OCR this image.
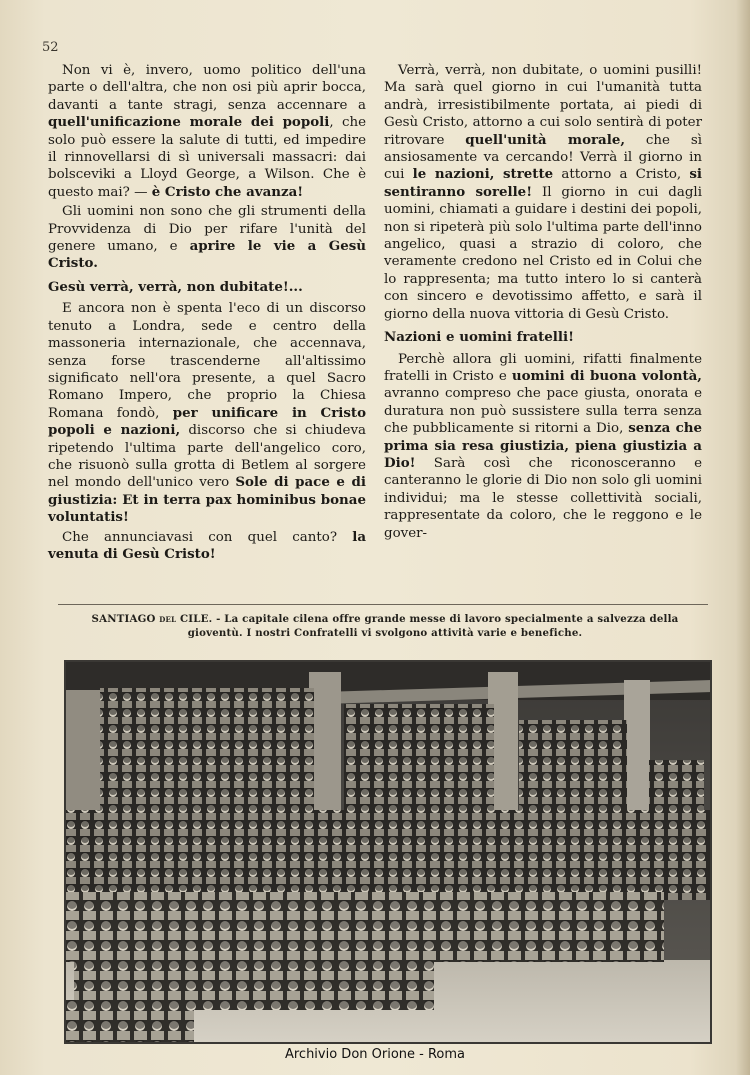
52

Non vi è, invero, uomo politico dell'una parte o dell'altra, che non osi più aprir bocca, davanti a tante stragi, senza accennare a quell'unificazione morale dei popoli, che solo può essere la salute di tutti, ed impedire il rinnovellarsi di sì universali massacri: dai bolsceviki a Lloyd George, a Wilson. Che è questo mai? — è Cristo che avanza!

Gli uomini non sono che gli strumenti della Provvidenza di Dio per rifare l'unità del genere umano, e aprire le vie a Gesù Cristo.

Gesù verrà, verrà, non dubitate!...

E ancora non è spenta l'eco di un discorso tenuto a Londra, sede e centro della massoneria internazionale, che accennava, senza forse trascenderne all'altissimo significato nell'ora presente, a quel Sacro Romano Impero, che proprio la Chiesa Romana fondò, per unificare in Cristo popoli e nazioni, discorso che si chiudeva ripetendo l'ultima parte dell'angelico coro, che risuonò sulla grotta di Betlem al sorgere nel mondo dell'unico vero Sole di pace e di giustizia: Et in terra pax hominibus bonae voluntatis!

Che annunciavasi con quel canto? la venuta di Gesù Cristo!

Verrà, verrà, non dubitate, o uomini pusilli! Ma sarà quel giorno in cui l'umanità tutta andrà, irresistibilmente portata, ai piedi di Gesù Cristo, attorno a cui solo sentirà di poter ritrovare quell'unità morale, che sì ansiosamente va cercando! Verrà il giorno in cui le nazioni, strette attorno a Cristo, si sentiranno sorelle! Il giorno in cui dagli uomini, chiamati a guidare i destini dei popoli, non si ripeterà più solo l'ultima parte dell'inno angelico, quasi a strazio di coloro, che veramente credono nel Cristo ed in Colui che lo rappresenta; ma tutto intero lo si canterà con sincero e devotissimo affetto, e sarà il giorno della nuova vittoria di Gesù Cristo.

Nazioni e uomini fratelli!

Perchè allora gli uomini, rifatti finalmente fratelli in Cristo e uomini di buona volontà, avranno compreso che pace giusta, onorata e duratura non può sussistere sulla terra senza che pubblicamente si ritorni a Dio, senza che prima sia resa giustizia, piena giustizia a Dio! Sarà così che riconosceranno e canteranno le glorie di Dio non solo gli uomini individui; ma le stesse collettività sociali, rappresentate da coloro, che le reggono e le gover-

SANTIAGO del CILE. - La capitale cilena offre grande messe di lavoro specialmente a salvezza della gioventù. I nostri Confratelli vi svolgono attività varie e benefiche.
Archivio Don Orione - Roma
